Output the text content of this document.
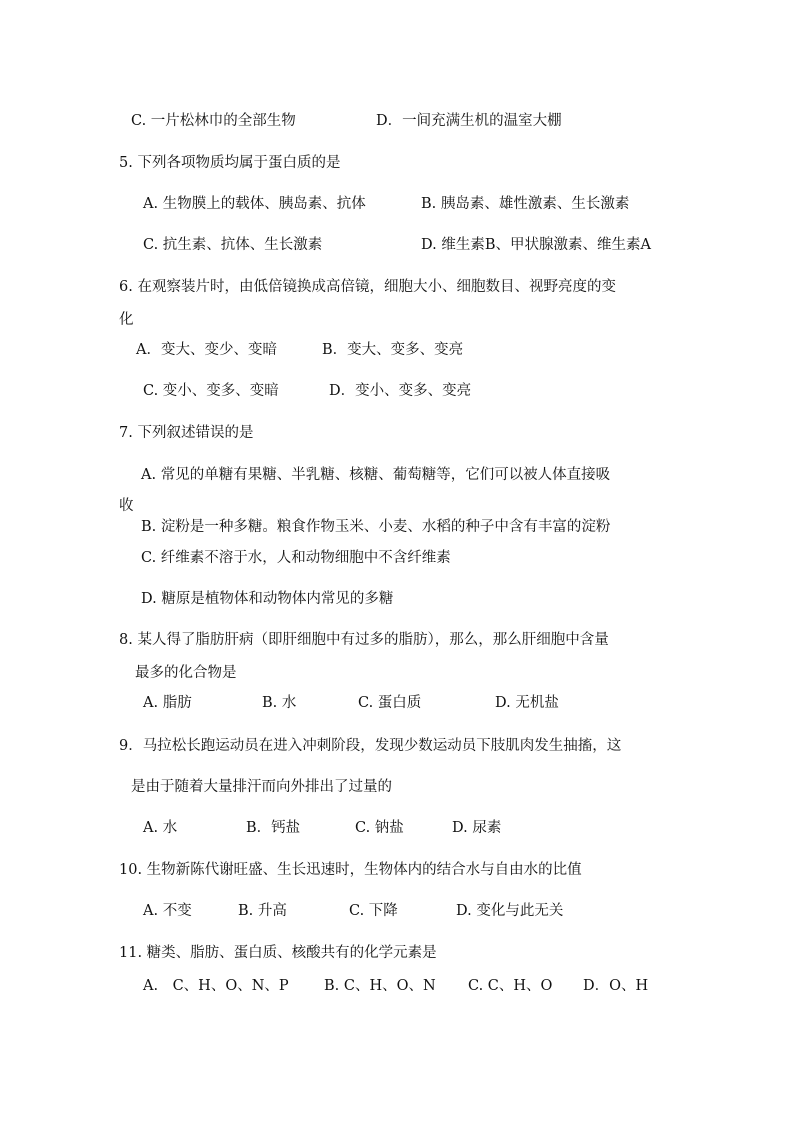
C. 一片松林巾的全部生物	D．一间充满生机的温室大棚
5. 下列各项物质均属于蛋白质的是
A. 生物膜上的载体、胰岛素、抗体	B. 胰岛素、雄性激素、生长激素
C. 抗生素、抗体、生长激素	D. 维生素B、甲状腺激素、维生素A
6. 在观察装片时，由低倍镜换成高倍镜，细胞大小、细胞数目、视野亮度的变
化
A．变大、变少、变暗	B．变大、变多、变亮
C. 变小、变多、变暗	D．变小、变多、变亮
7. 下列叙述错误的是
A. 常见的单糖有果糖、半乳糖、核糖、葡萄糖等，它们可以被人体直接吸
收
B. 淀粉是一种多糖。粮食作物玉米、小麦、水稻的种子中含有丰富的淀粉
C. 纤维素不溶于水，人和动物细胞中不含纤维素
D. 糖原是植物体和动物体内常见的多糖
8. 某人得了脂肪肝病（即肝细胞中有过多的脂肪），那么，那么肝细胞中含量
最多的化合物是
A. 脂肪	B. 水	C. 蛋白质	D. 无机盐
9．马拉松长跑运动员在进入冲刺阶段，发现少数运动员下肢肌肉发生抽搐，这
是由于随着大量排汗而向外排出了过量的
A. 水	B．钙盐	C. 钠盐	D. 尿素
10. 生物新陈代谢旺盛、生长迅速时，生物体内的结合水与自由水的比值
A. 不变	B. 升高	C. 下降	D. 变化与此无关
11. 糖类、脂肪、蛋白质、核酸共有的化学元素是
A.　C、H、O、N、P B. C、H、O、N C. C、H、O D．O、H
